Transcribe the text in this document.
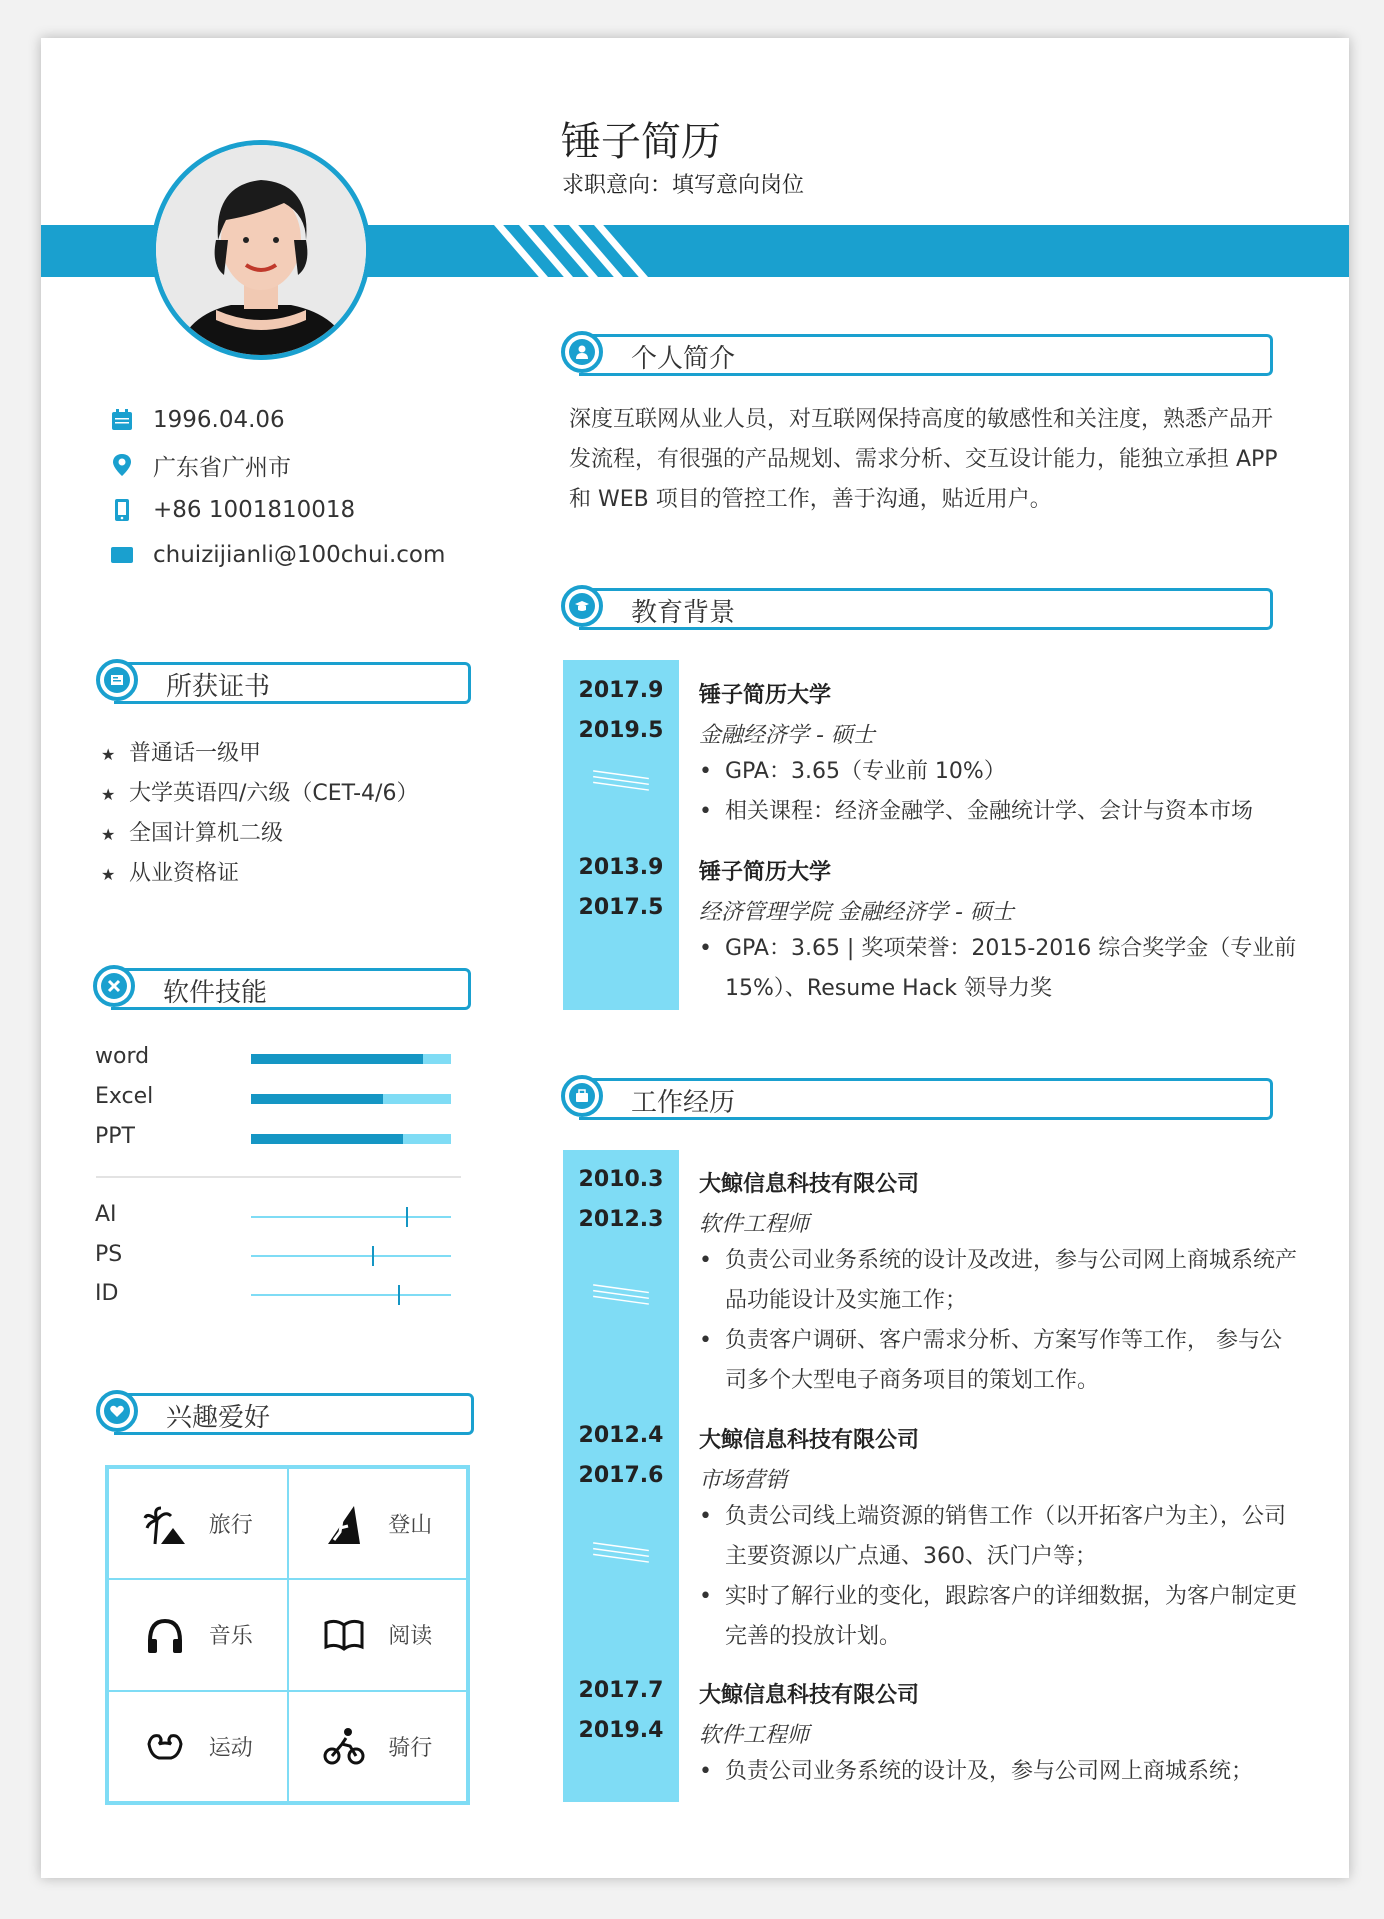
锤子简历
求职意向：填写意向岗位
1996.04.06
广东省广州市
+86 1001810018
chuizijianli@100chui.com
所获证书
★ 普通话一级甲
★ 大学英语四/六级（CET-4/6）
★ 全国计算机二级
★ 从业资格证
软件技能
word
Excel
PPT
AI
PS
ID
兴趣爱好
旅行	登山
音乐	阅读
运动	骑行
个人简介
深度互联网从业人员，对互联网保持高度的敏感性和关注度，熟悉产品开发流程，有很强的产品规划、需求分析、交互设计能力，能独立承担 APP 和 WEB 项目的管控工作，善于沟通，贴近用户。
教育背景
2017.9
2019.5
锤子简历大学
金融经济学 - 硕士
• GPA：3.65（专业前 10%）
• 相关课程：经济金融学、金融统计学、会计与资本市场
2013.9
2017.5
锤子简历大学
经济管理学院 金融经济学 - 硕士
• GPA：3.65 | 奖项荣誉：2015-2016 综合奖学金（专业前 15%）、Resume Hack 领导力奖
工作经历
2010.3
2012.3
大鲸信息科技有限公司
软件工程师
• 负责公司业务系统的设计及改进，参与公司网上商城系统产品功能设计及实施工作；
• 负责客户调研、客户需求分析、方案写作等工作， 参与公司多个大型电子商务项目的策划工作。
2012.4
2017.6
大鲸信息科技有限公司
市场营销
• 负责公司线上端资源的销售工作（以开拓客户为主），公司主要资源以广点通、360、沃门户等；
• 实时了解行业的变化，跟踪客户的详细数据，为客户制定更完善的投放计划。
2017.7
2019.4
大鲸信息科技有限公司
软件工程师
• 负责公司业务系统的设计及，参与公司网上商城系统；
